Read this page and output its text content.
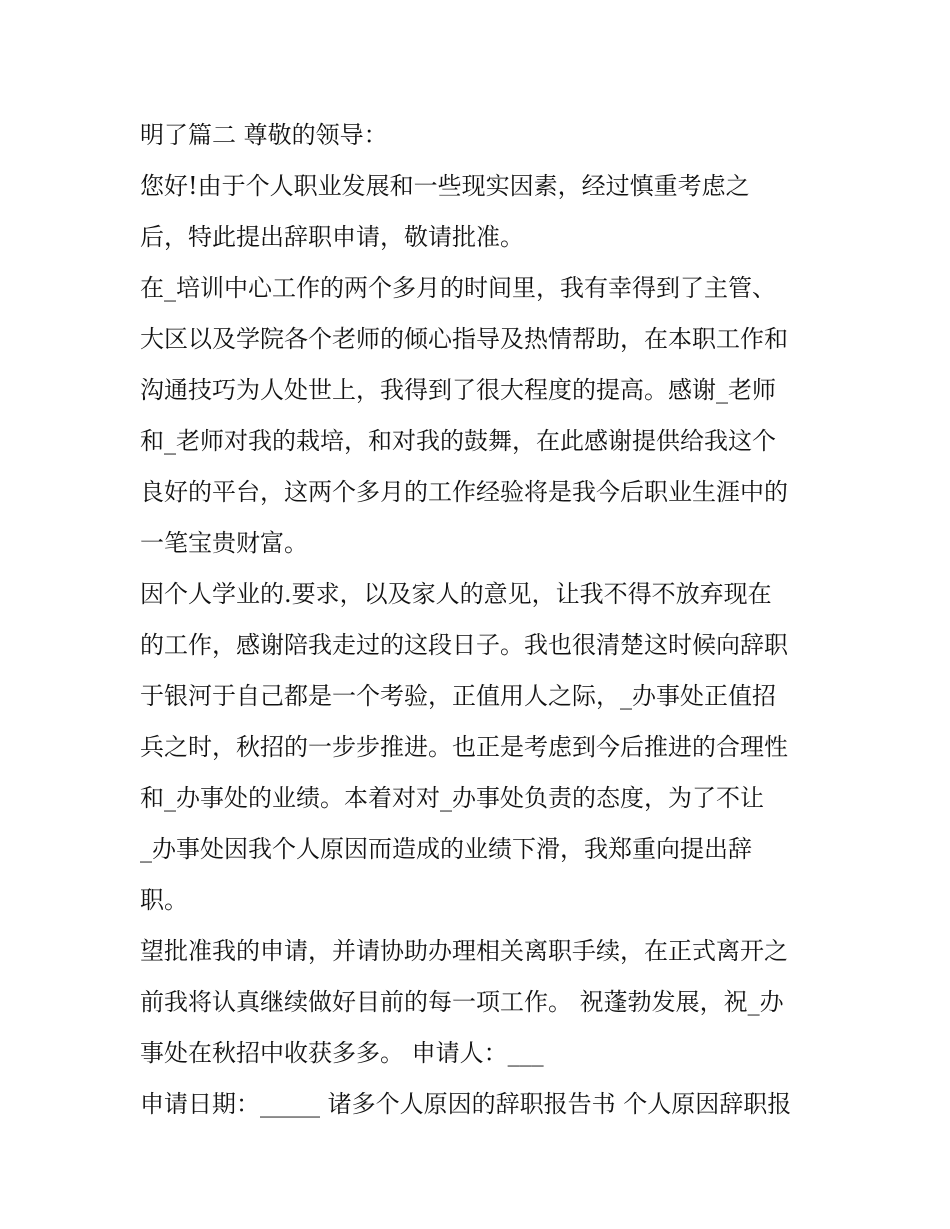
明了篇二 尊敬的领导：
您好!由于个人职业发展和一些现实因素，经过慎重考虑之
后，特此提出辞职申请，敬请批准。
在_培训中心工作的两个多月的时间里，我有幸得到了主管、
大区以及学院各个老师的倾心指导及热情帮助，在本职工作和
沟通技巧为人处世上，我得到了很大程度的提高。感谢_老师
和_老师对我的栽培，和对我的鼓舞，在此感谢提供给我这个
良好的平台，这两个多月的工作经验将是我今后职业生涯中的
一笔宝贵财富。
因个人学业的.要求，以及家人的意见，让我不得不放弃现在
的工作，感谢陪我走过的这段日子。我也很清楚这时候向辞职
于银河于自己都是一个考验，正值用人之际，_办事处正值招
兵之时，秋招的一步步推进。也正是考虑到今后推进的合理性
和_办事处的业绩。本着对对_办事处负责的态度，为了不让
_办事处因我个人原因而造成的业绩下滑，我郑重向提出辞
职。
望批准我的申请，并请协助办理相关离职手续，在正式离开之
前我将认真继续做好目前的每一项工作。 祝蓬勃发展，祝_办
事处在秋招中收获多多。 申请人：___
申请日期：_____ 诸多个人原因的辞职报告书 个人原因辞职报
